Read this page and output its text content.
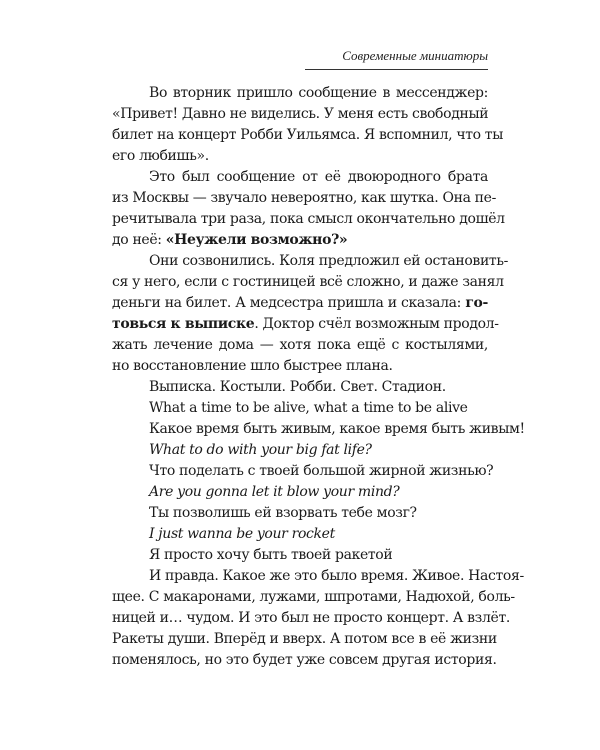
Современные миниатюры
Во вторник пришло сообщение в мессенджер:
«Привет! Давно не виделись. У меня есть свободный
билет на концерт Робби Уильямса. Я вспомнил, что ты
его любишь».
Это был сообщение от её двоюродного брата
из Москвы — звучало невероятно, как шутка. Она пе-
речитывала три раза, пока смысл окончательно дошёл
до неё: «Неужели возможно?»
Они созвонились. Коля предложил ей остановить-
ся у него, если с гостиницей всё сложно, и даже занял
деньги на билет. А медсестра пришла и сказала: го-
товься к выписке. Доктор счёл возможным продол-
жать лечение дома — хотя пока ещё с костылями,
но восстановление шло быстрее плана.
Выписка. Костыли. Робби. Свет. Стадион.
What a time to be alive, what a time to be alive
Какое время быть живым, какое время быть живым!
What to do with your big fat life?
Что поделать с твоей большой жирной жизнью?
Are you gonna let it blow your mind?
Ты позволишь ей взорвать тебе мозг?
I just wanna be your rocket
Я просто хочу быть твоей ракетой
И правда. Какое же это было время. Живое. Настоя-
щее. С макаронами, лужами, шпротами, Надюхой, боль-
ницей и… чудом. И это был не просто концерт. А взлёт.
Ракеты души. Вперёд и вверх. А потом все в её жизни
поменялось, но это будет уже совсем другая история.
